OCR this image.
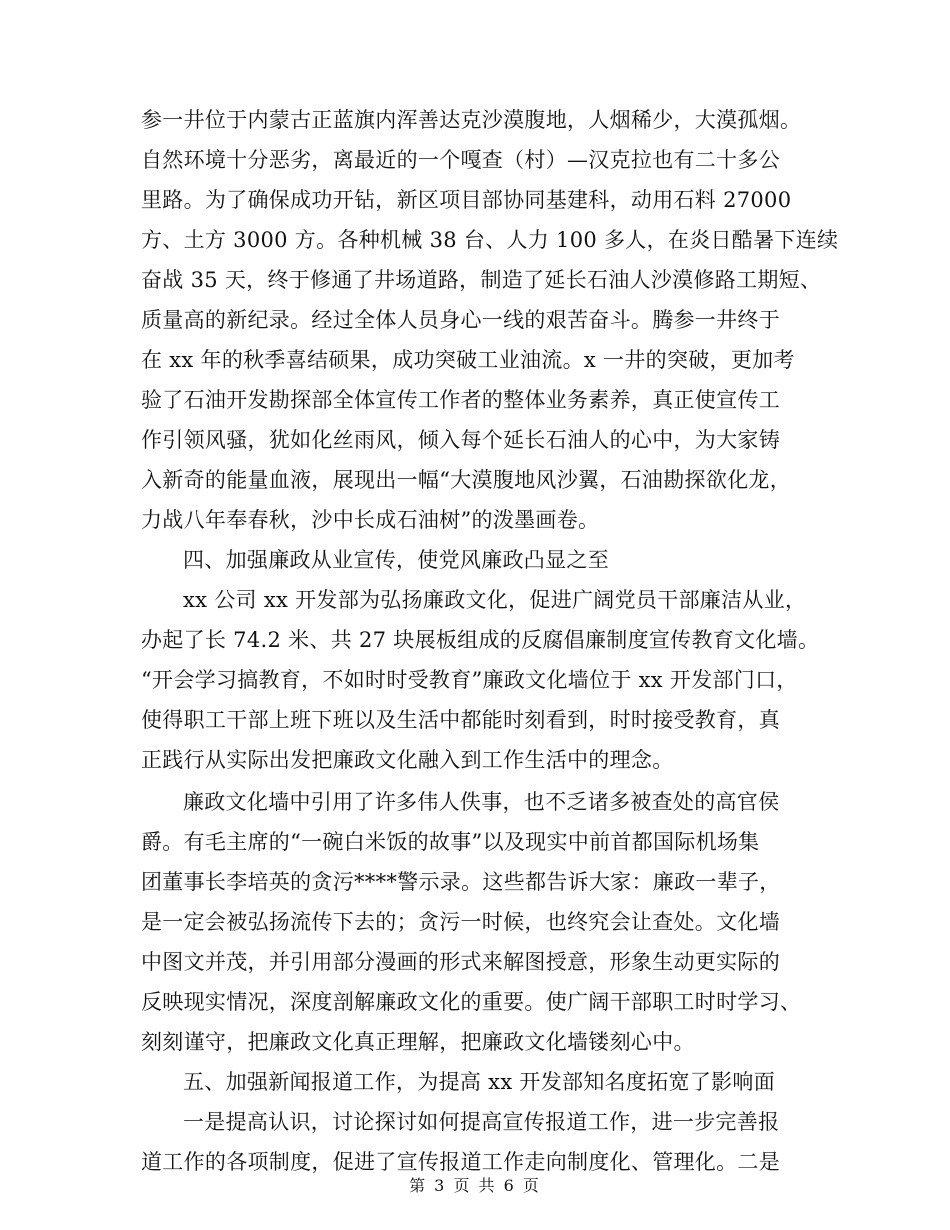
参一井位于内蒙古正蓝旗内浑善达克沙漠腹地，人烟稀少，大漠孤烟。
自然环境十分恶劣，离最近的一个嘎查（村）—汉克拉也有二十多公
里路。为了确保成功开钻，新区项目部协同基建科，动用石料 27000
方、土方 3000 方。各种机械 38 台、人力 100 多人，在炎日酷暑下连续
奋战 35 天，终于修通了井场道路，制造了延长石油人沙漠修路工期短、
质量高的新纪录。经过全体人员身心一线的艰苦奋斗。腾参一井终于
在 xx 年的秋季喜结硕果，成功突破工业油流。x 一井的突破，更加考
验了石油开发勘探部全体宣传工作者的整体业务素养，真正使宣传工
作引领风骚，犹如化丝雨风，倾入每个延长石油人的心中，为大家铸
入新奇的能量血液，展现出一幅“大漠腹地风沙翼，石油勘探欲化龙，
力战八年奉春秋，沙中长成石油树”的泼墨画卷。
四、加强廉政从业宣传，使党风廉政凸显之至
xx 公司 xx 开发部为弘扬廉政文化，促进广阔党员干部廉洁从业，
办起了长 74.2 米、共 27 块展板组成的反腐倡廉制度宣传教育文化墙。
“开会学习搞教育，不如时时受教育”廉政文化墙位于 xx 开发部门口，
使得职工干部上班下班以及生活中都能时刻看到，时时接受教育，真
正践行从实际出发把廉政文化融入到工作生活中的理念。
廉政文化墙中引用了许多伟人佚事，也不乏诸多被查处的高官侯
爵。有毛主席的“一碗白米饭的故事”以及现实中前首都国际机场集
团董事长李培英的贪污****警示录。这些都告诉大家：廉政一辈子，
是一定会被弘扬流传下去的；贪污一时候，也终究会让查处。文化墙
中图文并茂，并引用部分漫画的形式来解图授意，形象生动更实际的
反映现实情况，深度剖解廉政文化的重要。使广阔干部职工时时学习、
刻刻谨守，把廉政文化真正理解，把廉政文化墙镂刻心中。
五、加强新闻报道工作，为提高 xx 开发部知名度拓宽了影响面
一是提高认识，讨论探讨如何提高宣传报道工作，进一步完善报
道工作的各项制度，促进了宣传报道工作走向制度化、管理化。二是
第 3 页 共 6 页
